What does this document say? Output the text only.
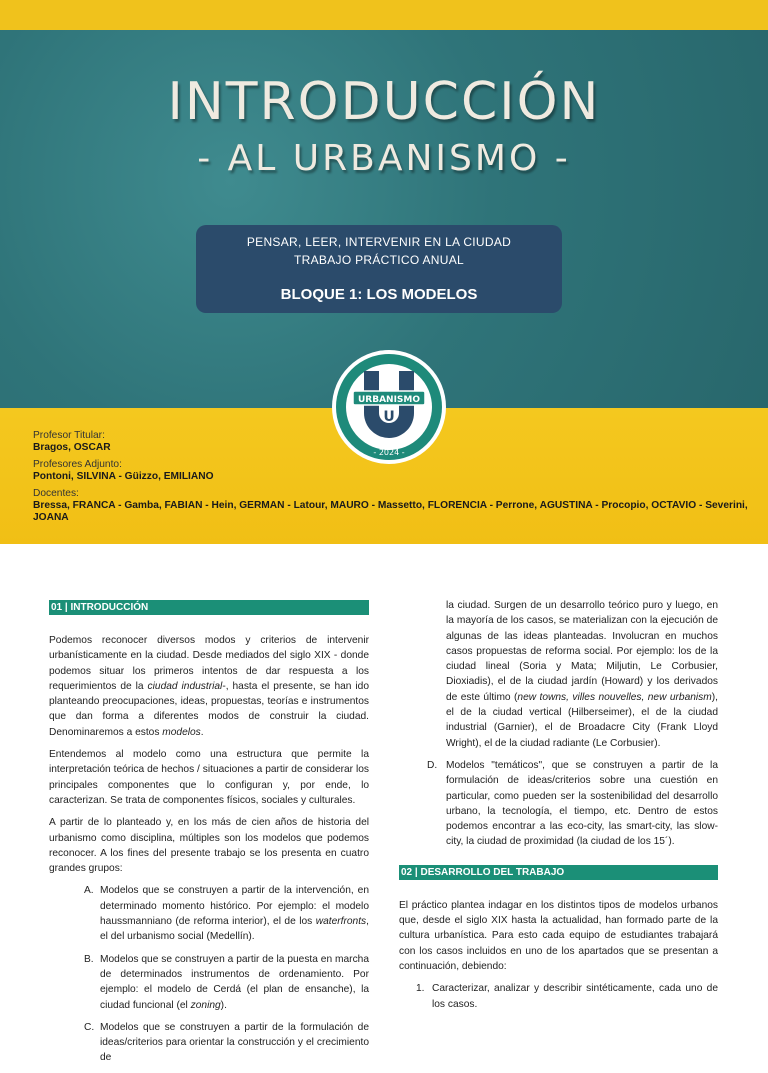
INTRODUCCIÓN
- AL URBANISMO -
PENSAR, LEER, INTERVENIR EN LA CIUDAD
TRABAJO PRÁCTICO ANUAL
BLOQUE 1: LOS MODELOS
U
URBANISMO
- 2024 -
Profesor Titular:
Bragos, OSCAR
Profesores Adjunto:
Pontoni, SILVINA - Güizzo, EMILIANO
Docentes:
Bressa, FRANCA - Gamba, FABIAN - Hein, GERMAN - Latour, MAURO - Massetto, FLORENCIA - Perrone, AGUSTINA - Procopio, OCTAVIO - Severini, JOANA
01 | INTRODUCCIÓN

Podemos reconocer diversos modos y criterios de intervenir urbanísticamente en la ciudad. Desde mediados del siglo XIX - donde podemos situar los primeros intentos de dar respuesta a los requerimientos de la ciudad industrial-, hasta el presente, se han ido planteando preocupaciones, ideas, propuestas, teorías e instrumentos que dan forma a diferentes modos de construir la ciudad. Denominaremos a estos modelos.

Entendemos al modelo como una estructura que permite la interpretación teórica de hechos / situaciones a partir de considerar los principales componentes que lo configuran y, por ende, lo caracterizan. Se trata de componentes físicos, sociales y culturales.

A partir de lo planteado y, en los más de cien años de historia del urbanismo como disciplina, múltiples son los modelos que podemos reconocer. A los fines del presente trabajo se los presenta en cuatro grandes grupos:

A. Modelos que se construyen a partir de la intervención, en determinado momento histórico. Por ejemplo: el modelo haussmanniano (de reforma interior), el de los waterfronts, el del urbanismo social (Medellín).
B. Modelos que se construyen a partir de la puesta en marcha de determinados instrumentos de ordenamiento. Por ejemplo: el modelo de Cerdá (el plan de ensanche), la ciudad funcional (el zoning).
C. Modelos que se construyen a partir de la formulación de ideas/criterios para orientar la construcción y el crecimiento de

la ciudad. Surgen de un desarrollo teórico puro y luego, en la mayoría de los casos, se materializan con la ejecución de algunas de las ideas planteadas. Involucran en muchos casos propuestas de reforma social. Por ejemplo: los de la ciudad lineal (Soria y Mata; Miljutin, Le Corbusier, Dioxiadis), el de la ciudad jardín (Howard) y los derivados de este último (new towns, villes nouvelles, new urbanism), el de la ciudad vertical (Hilberseimer), el de la ciudad industrial (Garnier), el de Broadacre City (Frank Lloyd Wright), el de la ciudad radiante (Le Corbusier).

D. Modelos "temáticos", que se construyen a partir de la formulación de ideas/criterios sobre una cuestión en particular, como pueden ser la sostenibilidad del desarrollo urbano, la tecnología, el tiempo, etc. Dentro de estos podemos encontrar a las eco-city, las smart-city, las slow-city, la ciudad de proximidad (la ciudad de los 15´).
02 | DESARROLLO DEL TRABAJO

El práctico plantea indagar en los distintos tipos de modelos urbanos que, desde el siglo XIX hasta la actualidad, han formado parte de la cultura urbanística. Para esto cada equipo de estudiantes trabajará con los casos incluidos en uno de los apartados que se presentan a continuación, debiendo:

1. Caracterizar, analizar y describir sintéticamente, cada uno de los casos.
